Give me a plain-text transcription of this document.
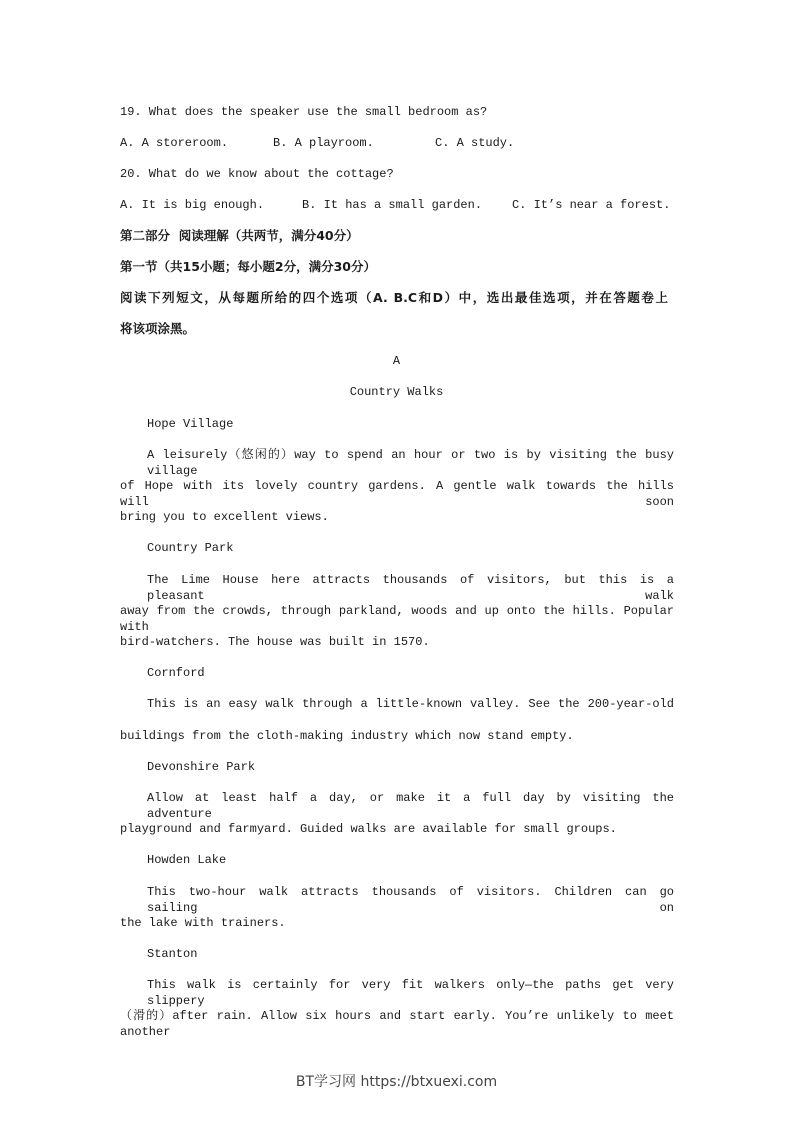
19. What does the speaker use the small bedroom as?
A. A storeroom.	B. A playroom.	C. A study.
20. What do we know about the cottage?
A. It is big enough.	B. It has a small garden. C. It’s near a forest.
第二部分  阅读理解（共两节，满分40分）
第一节（共15小题；每小题2分，满分30分）
阅读下列短文，从每题所给的四个选项（A. B.C和D）中，选出最佳选项，并在答题卷上
将该项涂黑。
A
Country Walks
Hope Village
A leisurely（悠闲的）way to spend an hour or two is by visiting the busy village
of Hope with its lovely country gardens. A gentle walk towards the hills will soon
bring you to excellent views.
Country Park
The Lime House here attracts thousands of visitors, but this is a pleasant walk
away from the crowds, through parkland, woods and up onto the hills. Popular with
bird-watchers. The house was built in 1570.
Cornford
This is an easy walk through a little-known valley. See the 200-year-old
buildings from the cloth-making industry which now stand empty.
Devonshire Park
Allow at least half a day, or make it a full day by visiting the adventure
playground and farmyard. Guided walks are available for small groups.
Howden Lake
This two-hour walk attracts thousands of visitors. Children can go sailing on
the lake with trainers.
Stanton
This walk is certainly for very fit walkers only—the paths get very slippery
（滑的）after rain. Allow six hours and start early. You’re unlikely to meet another
BT学习网 https://btxuexi.com
